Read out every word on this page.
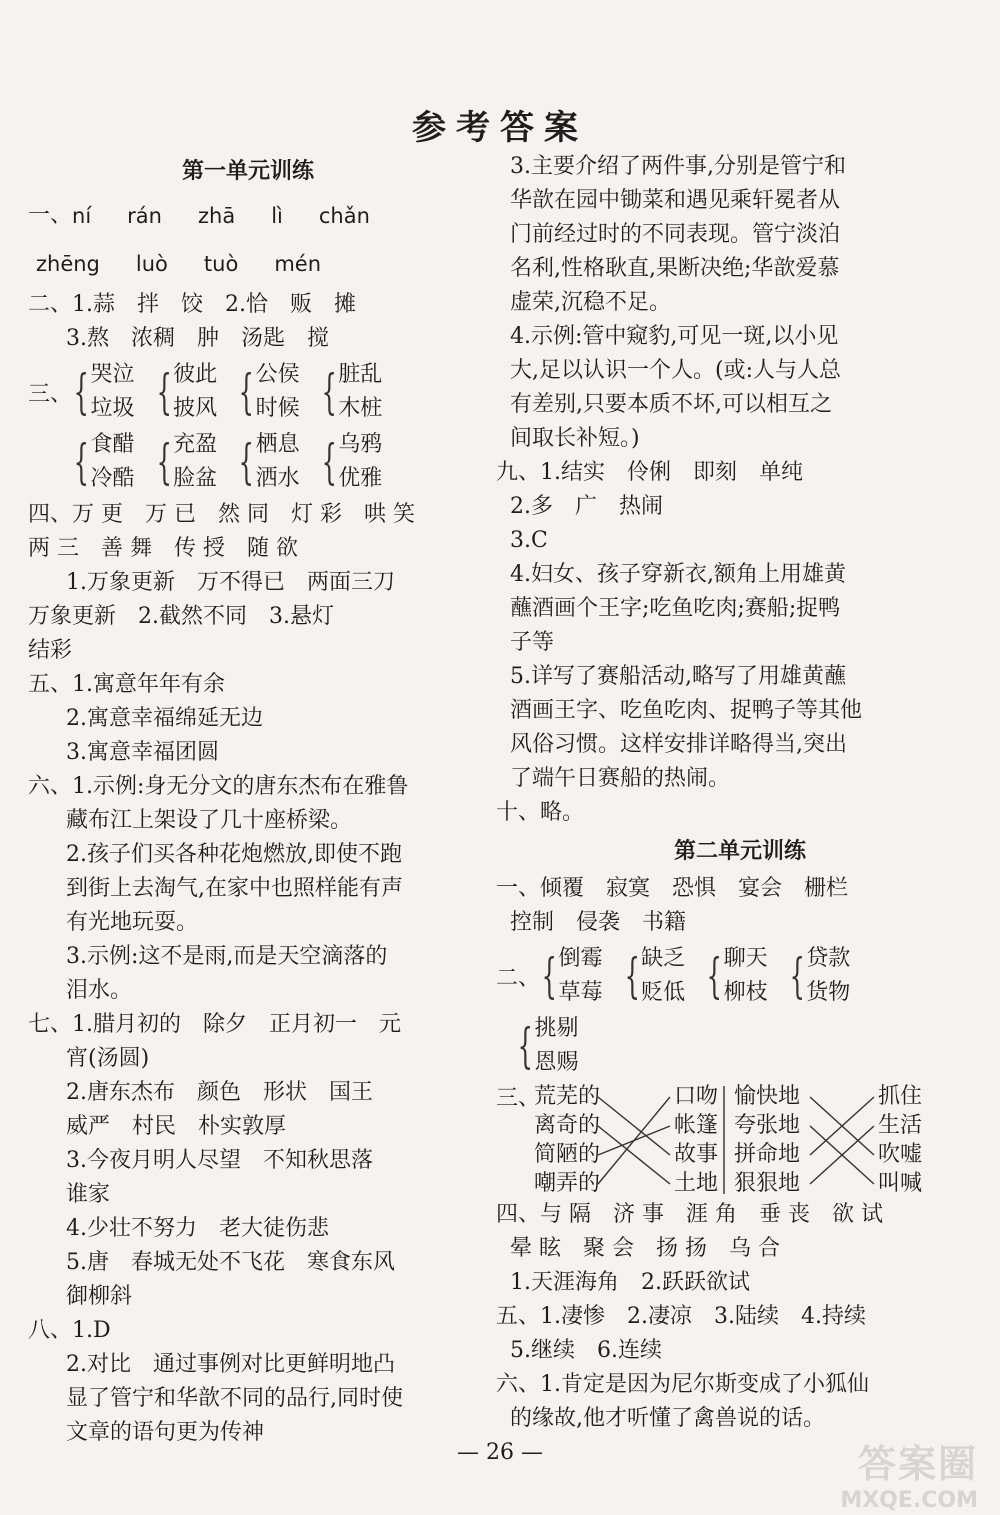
参考答案
第一单元训练
一、 ní rán zhā lì chǎn
zhēng luò tuò mén
二、1.蒜　拌　饺　2.恰　贩　摊
3.熬　浓稠　肿　汤匙　搅
三、 { 哭泣
垃圾 { 彼此
披风 { 公侯
时候 { 脏乱
木桩
{ 食醋
冷酷 { 充盈
脸盆 { 栖息
洒水 { 乌鸦
优雅
四、万 更　万 已　然 同　灯 彩　哄 笑
两 三　善 舞　传 授　随 欲
1.万象更新　万不得已　两面三刀
万象更新　2.截然不同　3.悬灯
结彩
五、1.寓意年年有余
2.寓意幸福绵延无边
3.寓意幸福团圆
六、1.示例:身无分文的唐东杰布在雅鲁
藏布江上架设了几十座桥梁。
2.孩子们买各种花炮燃放,即使不跑
到街上去淘气,在家中也照样能有声
有光地玩耍。
3.示例:这不是雨,而是天空滴落的
泪水。
七、1.腊月初的　除夕　正月初一　元
宵(汤圆)
2.唐东杰布　颜色　形状　国王
威严　村民　朴实敦厚
3.今夜月明人尽望　不知秋思落
谁家
4.少壮不努力　老大徒伤悲
5.唐　春城无处不飞花　寒食东风
御柳斜
八、1.D
2.对比　通过事例对比更鲜明地凸
显了管宁和华歆不同的品行,同时使
文章的语句更为传神
3.主要介绍了两件事,分别是管宁和
华歆在园中锄菜和遇见乘轩冕者从
门前经过时的不同表现。管宁淡泊
名利,性格耿直,果断决绝;华歆爱慕
虚荣,沉稳不足。
4.示例:管中窥豹,可见一斑,以小见
大,足以认识一个人。(或:人与人总
有差别,只要本质不坏,可以相互之
间取长补短。)
九、1.结实　伶俐　即刻　单纯
2.多　广　热闹
3.C
4.妇女、孩子穿新衣,额角上用雄黄
蘸酒画个王字;吃鱼吃肉;赛船;捉鸭
子等
5.详写了赛船活动,略写了用雄黄蘸
酒画王字、吃鱼吃肉、捉鸭子等其他
风俗习惯。这样安排详略得当,突出
了端午日赛船的热闹。
十、略。
第二单元训练
一、倾覆　寂寞　恐惧　宴会　栅栏
控制　侵袭　书籍
二、 { 倒霉
草莓 { 缺乏
贬低 { 聊天
柳枝 { 贷款
货物
{ 挑剔
恩赐
三、
荒芜的
离奇的
简陋的
嘲弄的
口吻
帐篷
故事
土地
愉快地
夸张地
拼命地
狠狠地
抓住
生活
吹嘘
叫喊
四、与 隔　济 事　涯 角　垂 丧　欲 试
晕 眩　聚 会　扬 扬　乌 合
1.天涯海角　2.跃跃欲试
五、1.凄惨　2.凄凉　3.陆续　4.持续
5.继续　6.连续
六、1.肯定是因为尼尔斯变成了小狐仙
的缘故,他才听懂了禽兽说的话。
— 26 —	答案圈
MXQE.COM
